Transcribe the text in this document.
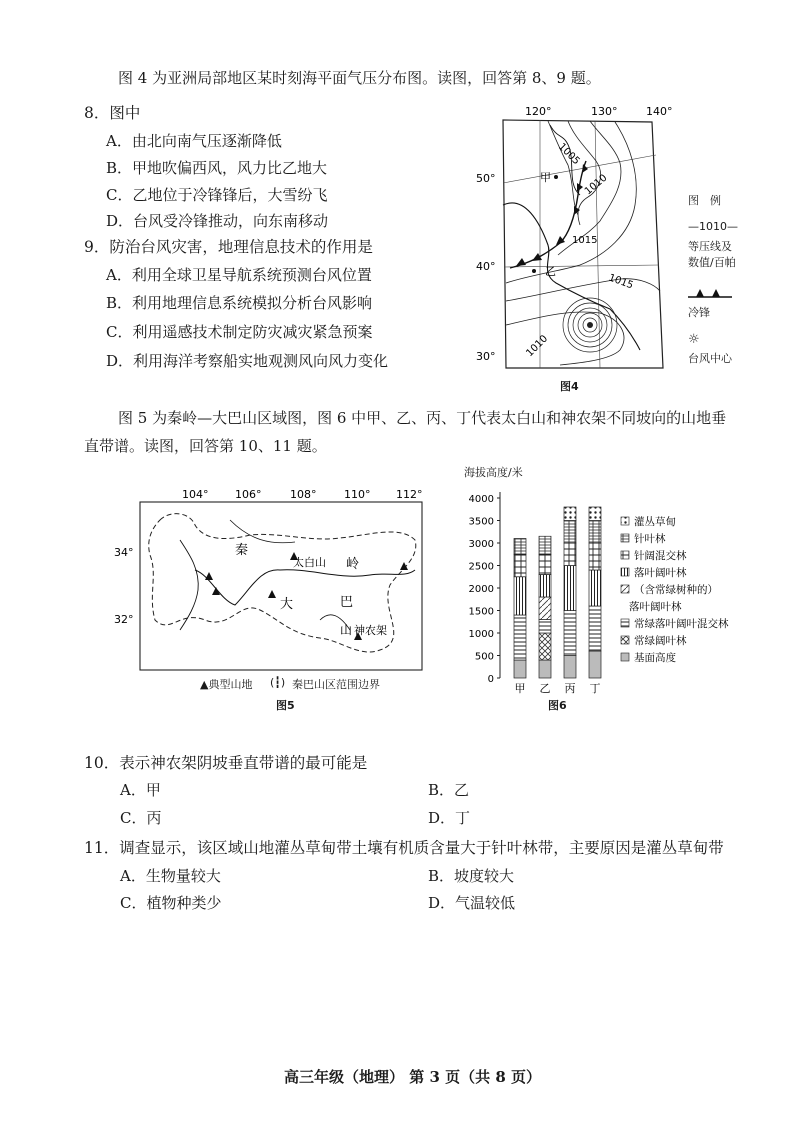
图 4 为亚洲局部地区某时刻海平面气压分布图。读图，回答第 8、9 题。
8．图中
A．由北向南气压逐渐降低
B．甲地吹偏西风，风力比乙地大
C．乙地位于冷锋锋后，大雪纷飞
D．台风受冷锋推动，向东南移动
9．防治台风灾害，地理信息技术的作用是
A．利用全球卫星导航系统预测台风位置
B．利用地理信息系统模拟分析台风影响
C．利用遥感技术制定防灾减灾紧急预案
D．利用海洋考察船实地观测风向风力变化
120°	130°	140°
50°
40°
30°
1005
1010
1015
1015
1010
甲
乙
图4
图　例
—1010—
等压线及
数值/百帕
冷锋
☼
台风中心
图 5 为秦岭—大巴山区域图，图 6 中甲、乙、丙、丁代表太白山和神农架不同坡向的山地垂
直带谱。读图，回答第 10、11 题。
104° 106°	108°	110° 112°
34°
32°
秦
太白山 岭
大	巴
山 神农架
▲典型山地 (┇) 秦巴山区范围边界
图5
海拔高度/米
4000
3500
3000
2500
2000
1500
1000
500
0
甲 乙 丙 丁
灌丛草甸
针叶林
针阔混交林
落叶阔叶林
（含常绿树种的）
落叶阔叶林
常绿落叶阔叶混交林
常绿阔叶林
基面高度
图6
10．表示神农架阴坡垂直带谱的最可能是
A．甲	B．乙
C．丙	D．丁
11．调查显示，该区域山地灌丛草甸带土壤有机质含量大于针叶林带，主要原因是灌丛草甸带
A．生物量较大	B．坡度较大
C．植物种类少	D．气温较低
高三年级（地理） 第 3 页（共 8 页）
